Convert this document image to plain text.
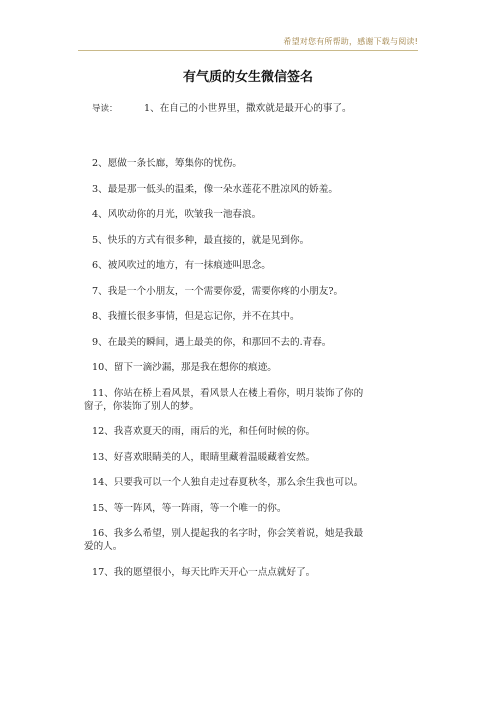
希望对您有所帮助，感谢下载与阅读!
有气质的女生微信签名
导读：	1、在自己的小世界里，撒欢就是最开心的事了。
2、愿做一条长廊，筹集你的忧伤。
3、最是那一低头的温柔，像一朵水莲花不胜凉风的娇羞。
4、风吹动你的月光，吹皱我一池春浪。
5、快乐的方式有很多种，最直接的，就是见到你。
6、被风吹过的地方，有一抹痕迹叫思念。
7、我是一个小朋友，一个需要你爱，需要你疼的小朋友?。
8、我擅长很多事情，但是忘记你，并不在其中。
9、在最美的瞬间，遇上最美的你，和那回不去的.青春。
10、留下一滴沙漏，那是我在想你的痕迹。
11、你站在桥上看风景，看风景人在楼上看你，明月装饰了你的
窗子，你装饰了别人的梦。
12、我喜欢夏天的雨，雨后的光，和任何时候的你。
13、好喜欢眼睛美的人，眼睛里藏着温暖藏着安然。
14、只要我可以一个人独自走过春夏秋冬，那么余生我也可以。
15、等一阵风，等一阵雨，等一个唯一的你。
16、我多么希望，别人提起我的名字时，你会笑着说，她是我最
爱的人。
17、我的愿望很小，每天比昨天开心一点点就好了。
